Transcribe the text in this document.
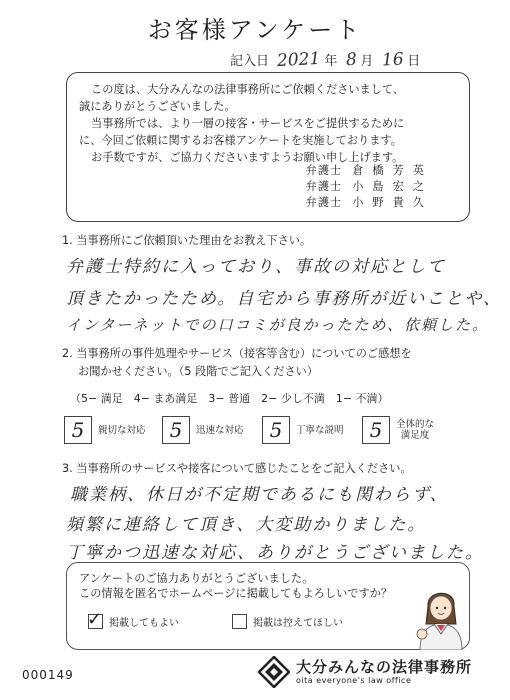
お客様アンケート
記入日 2021 年 8 月 16 日

この度は、大分みんなの法律事務所にご依頼くださいまして、

誠にありがとうございました。

当事務所では、より一層の接客・サービスをご提供するために

に、今回ご依頼に関するお客様アンケートを実施しております。

お手数ですが、ご協力くださいますようお願い申し上げます。

弁護士 倉橋芳英
弁護士 小島宏之
弁護士 小野貴久
1. 当事務所にご依頼頂いた理由をお教え下さい。
弁護士特約に入っており、事故の対応として
頂きたかったため。自宅から事務所が近いことや、
インターネットでの口コミが良かったため、依頼した。
2. 当事務所の事件処理やサービス（接客等含む）についてのご感想を
お聞かせください。（5 段階でご記入ください）
（5− 満足　4− まあ満足　3− 普通　2− 少し不満　1− 不満）
5	親切な対応	5	迅速な対応	5	丁寧な説明	5	全体的な
満足度
3. 当事務所のサービスや接客について感じたことをご記入ください。
職業柄、休日が不定期であるにも関わらず、
頻繁に連絡して頂き、大変助かりました。
丁寧かつ迅速な対応、ありがとうございました。

アンケートのご協力ありがとうございました。

この情報を匿名でホームページに掲載してもよろしいですか？

✓ 掲載してもよい	掲載は控えてほしい
000149	大分みんなの法律事務所
oita everyone's law office
